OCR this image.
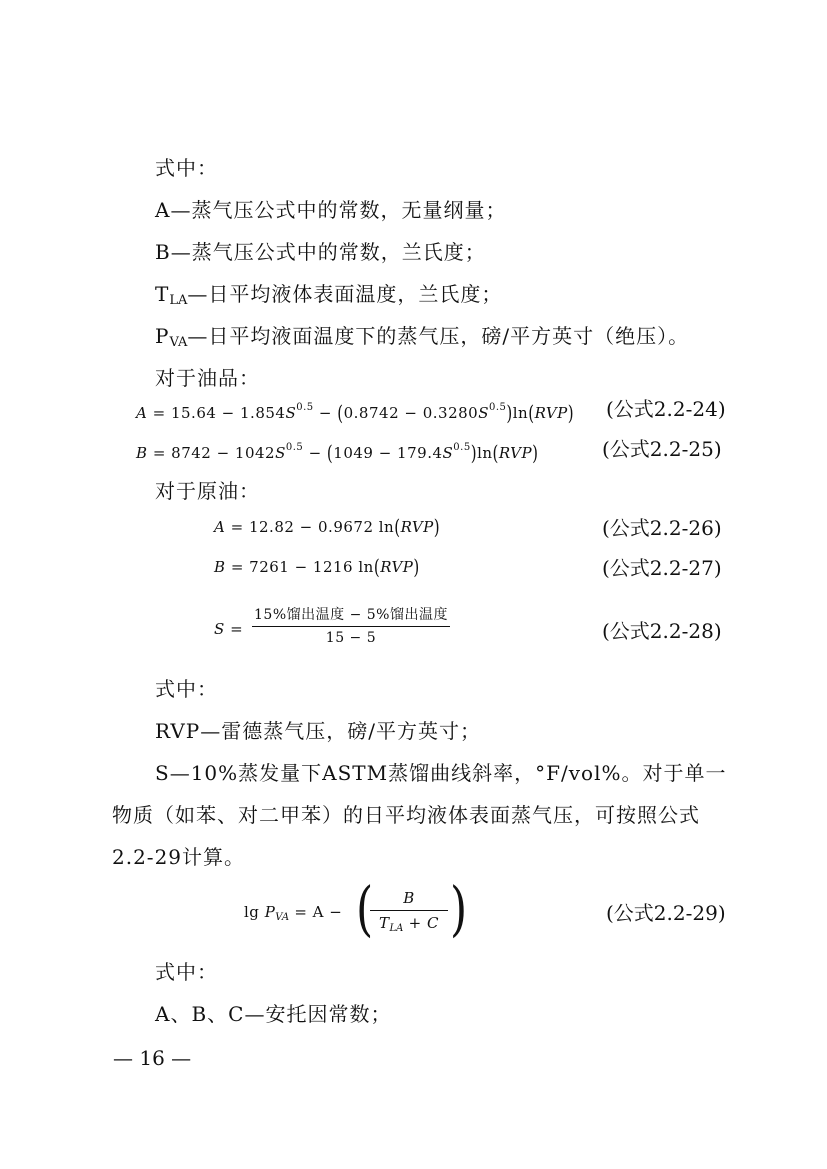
式中：
A—蒸气压公式中的常数，无量纲量；
B—蒸气压公式中的常数，兰氏度；
$T_{LA}—$日平均液体表面温度，兰氏度；
$P_{VA}—$日平均液面温度下的蒸气压，磅/平方英寸（绝压）。
对于油品：
$A = 15.64 - 1.854S^{0.5} - (0.8742 - 0.3280S^{0.5})\ln(RVP)$ (公式2.2-24)
$B = 8742 - 1042S^{0.5} - (1049 - 179.4S^{0.5})\ln(RVP)$	(公式2.2-25)
对于原油：
A = 12.82 − 0.9672 ln(RVP)	(公式2.2-26)
B = 7261 − 1216 ln(RVP)	(公式2.2-27)
S =
15%馏出温度 − 5%馏出温度
15 − 5	(公式2.2-28)
式中：
RVP—雷德蒸气压，磅/平方英寸；
S—10%蒸发量下ASTM蒸馏曲线斜率，°F/vol%。对于单一
物质（如苯、对二甲苯）的日平均液体表面蒸气压，可按照公式
2.2-29计算。
$\lg P_{VA} = A$ − (	B
$T_{LA} + C$ )	(公式2.2-29)
式中：
A、B、C—安托因常数；
— 16 —
